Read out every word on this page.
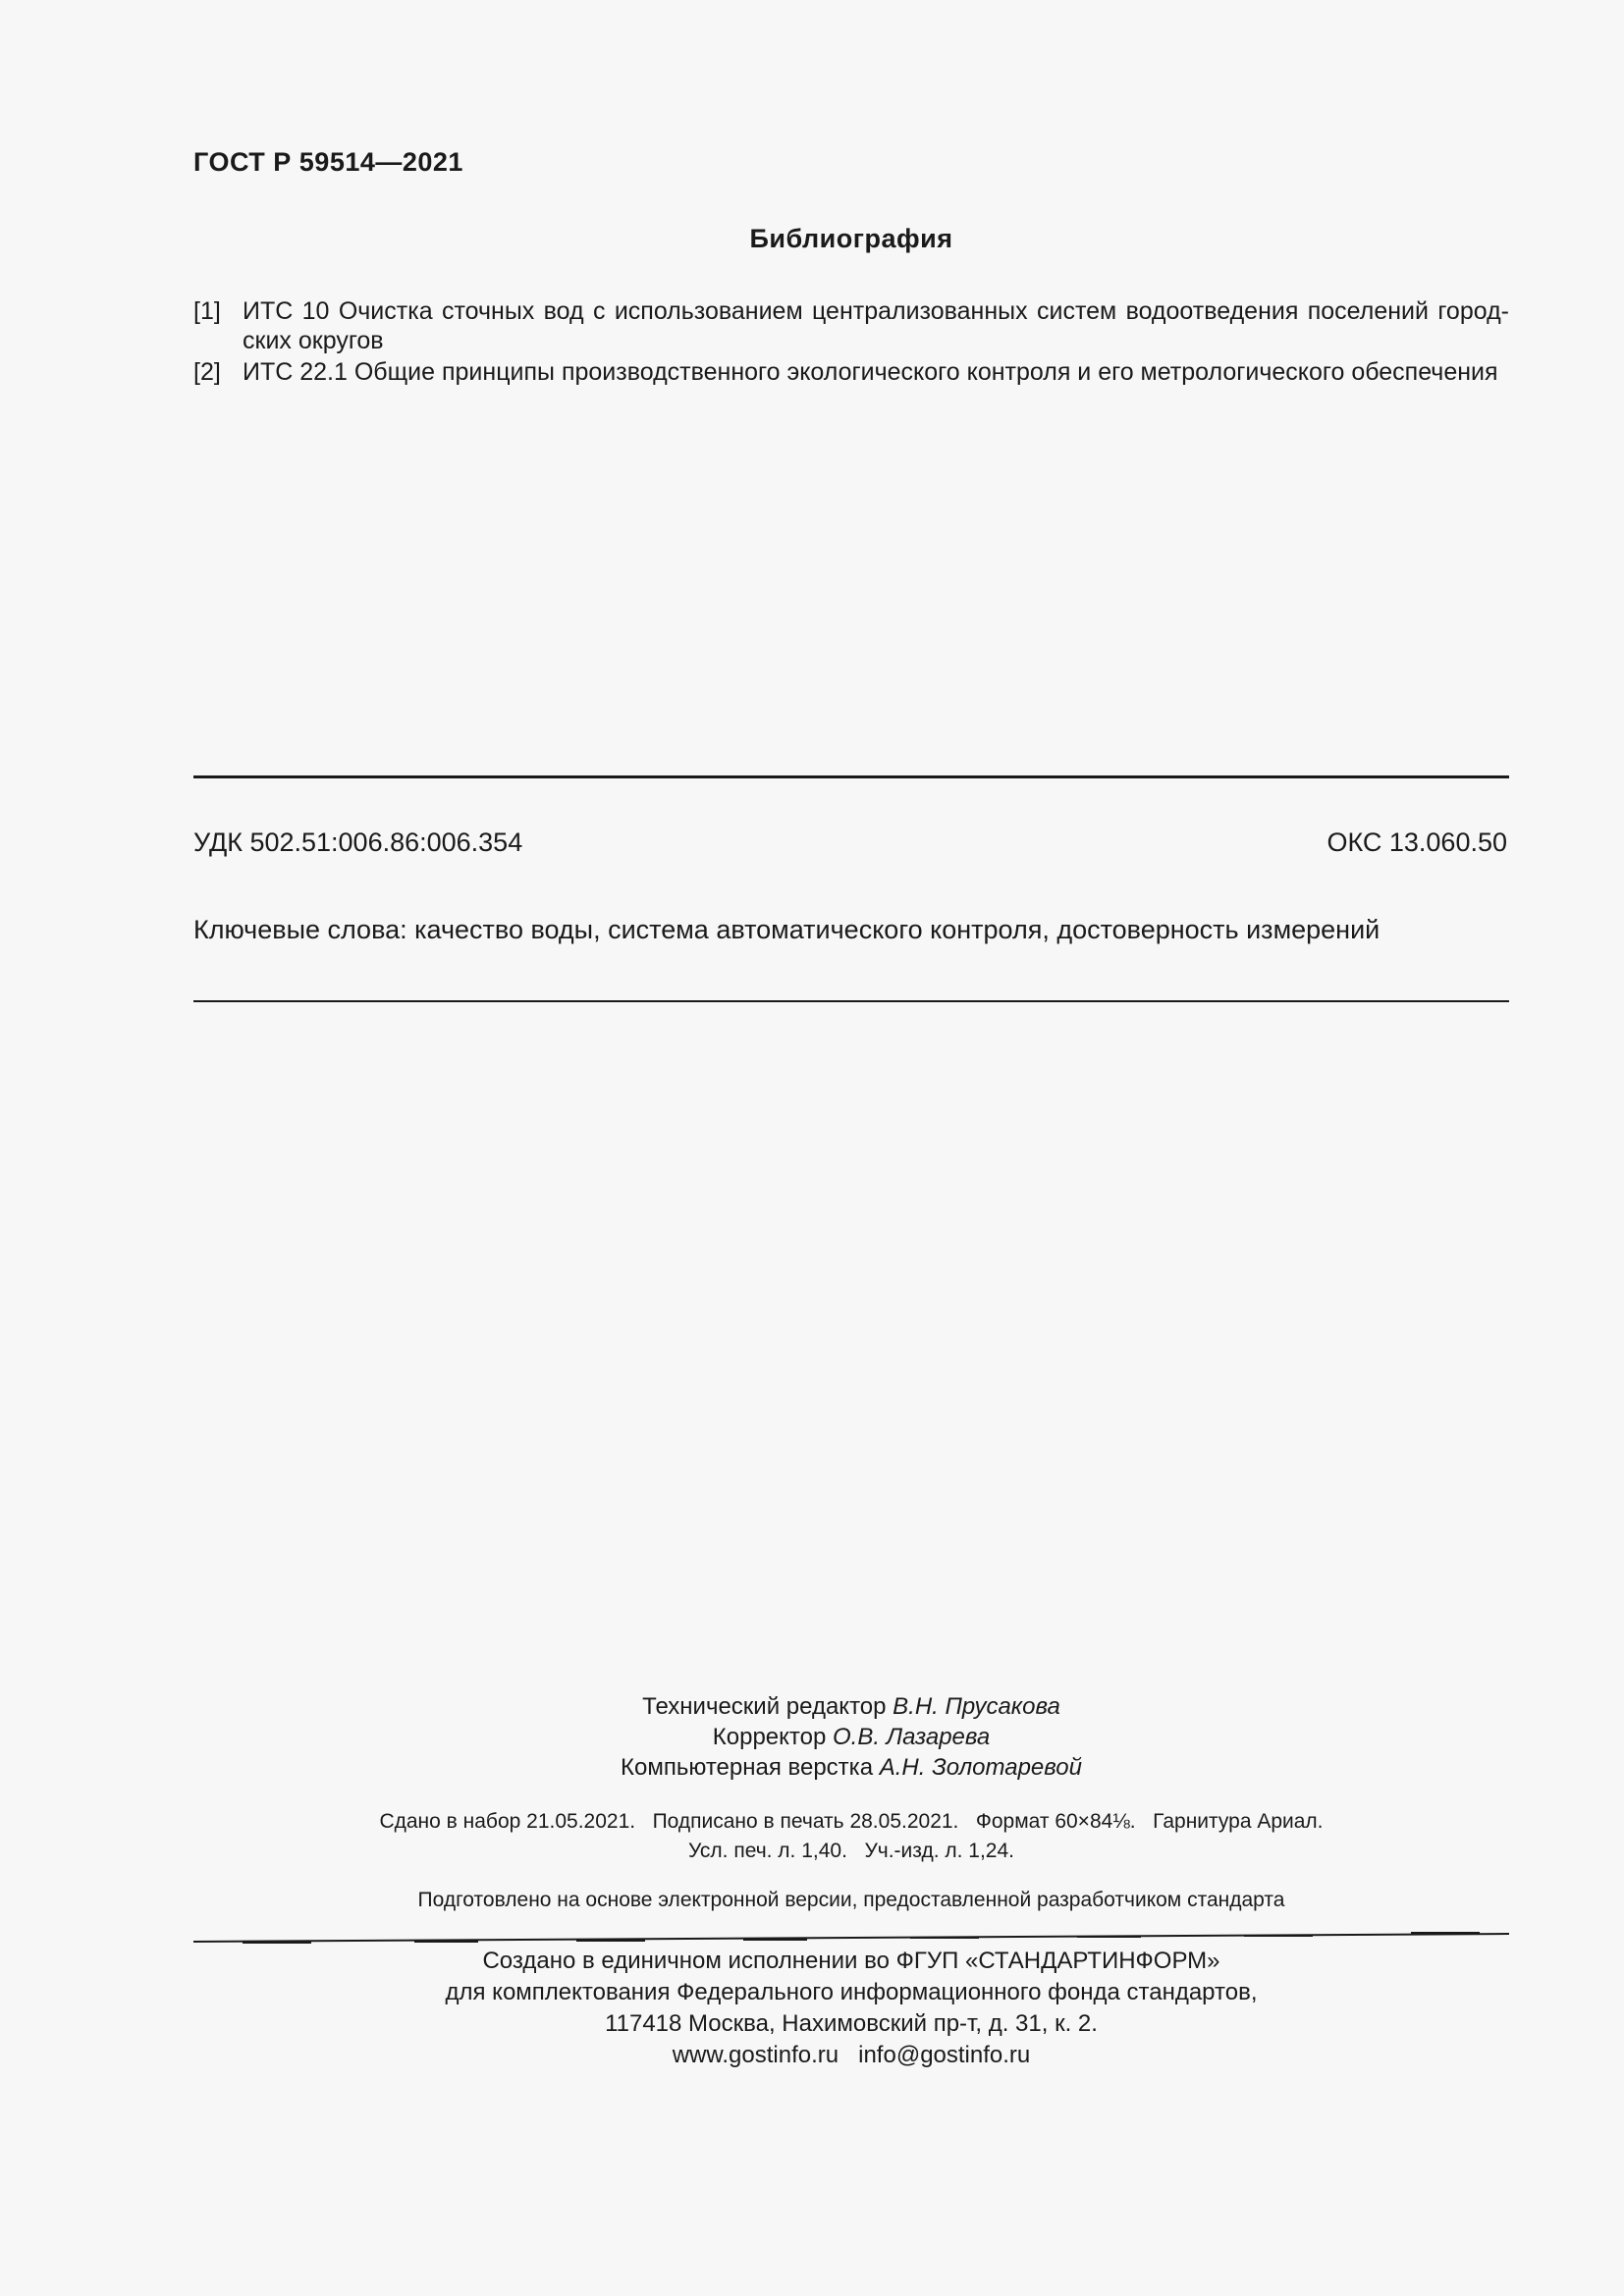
ГОСТ Р 59514—2021
Библиография
[1] ИТС 10 Очистка сточных вод с использованием централизованных систем водоотведения поселений город-ских округов
[2] ИТС 22.1 Общие принципы производственного экологического контроля и его метрологического обеспечения
УДК 502.51:006.86:006.354	ОКС 13.060.50
Ключевые слова: качество воды, система автоматического контроля, достоверность измерений
Технический редактор В.Н. Прусакова
Корректор О.В. Лазарева
Компьютерная верстка А.Н. Золотаревой
Сдано в набор 21.05.2021.   Подписано в печать 28.05.2021.   Формат 60×84⅛.   Гарнитура Ариал.
Усл. печ. л. 1,40.   Уч.-изд. л. 1,24.
Подготовлено на основе электронной версии, предоставленной разработчиком стандарта
Создано в единичном исполнении во ФГУП «СТАНДАРТИНФОРМ»
для комплектования Федерального информационного фонда стандартов,
117418 Москва, Нахимовский пр-т, д. 31, к. 2.
www.gostinfo.ru   info@gostinfo.ru
